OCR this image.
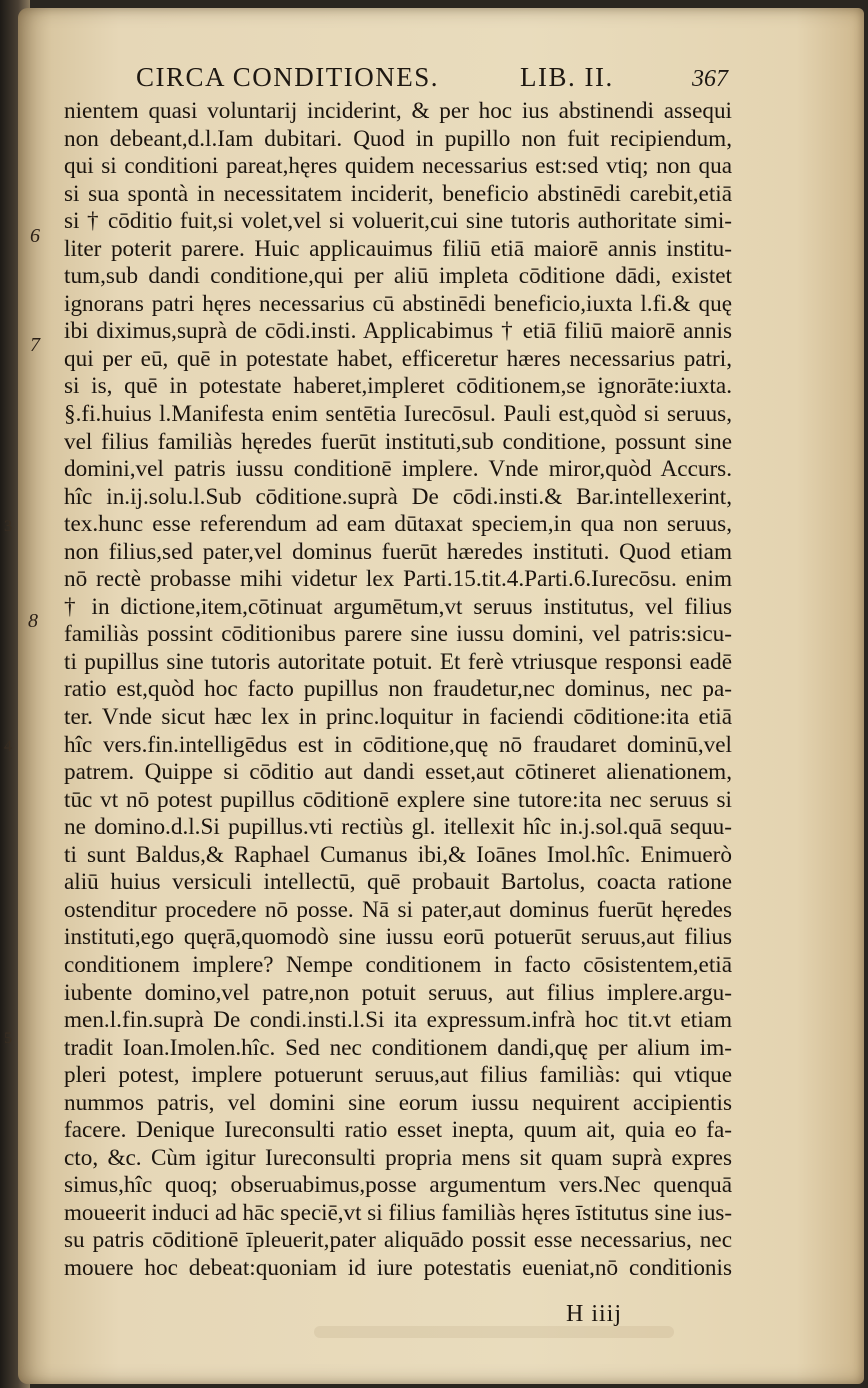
CIRCA CONDITIONES.	LIB. II.	367
6
7
8
3
4
5
nientem quasi voluntarij inciderint, & per hoc ius abstinendi assequi
non debeant,d.l.Iam dubitari. Quod in pupillo non fuit recipiendum,
qui si conditioni pareat,hęres quidem necessarius est:sed vtiq; non qua
si sua spontà in necessitatem inciderit, beneficio abstinēdi carebit,etiā
si † cōditio fuit,si volet,vel si voluerit,cui sine tutoris authoritate simi-
liter poterit parere. Huic applicauimus filiū etiā maiorē annis institu-
tum,sub dandi conditione,qui per aliū impleta cōditione dādi, existet
ignorans patri hęres necessarius cū abstinēdi beneficio,iuxta l.fi.& quę
ibi diximus,suprà de cōdi.insti. Applicabimus † etiā filiū maiorē annis
qui per eū, quē in potestate habet, efficeretur hæres necessarius patri,
si is, quē in potestate haberet,impleret cōditionem,se ignorāte:iuxta.
§.fi.huius l.Manifesta enim sentētia Iurecōsul. Pauli est,quòd si seruus,
vel filius familiàs hęredes fuerūt instituti,sub conditione, possunt sine
domini,vel patris iussu conditionē implere. Vnde miror,quòd Accurs.
hîc in.ij.solu.l.Sub cōditione.suprà De cōdi.insti.& Bar.intellexerint,
tex.hunc esse referendum ad eam dūtaxat speciem,in qua non seruus,
non filius,sed pater,vel dominus fuerūt hæredes instituti. Quod etiam
nō rectè probasse mihi videtur lex Parti.15.tit.4.Parti.6.Iurecōsu. enim
† in dictione,item,cōtinuat argumētum,vt seruus institutus, vel filius
familiàs possint cōditionibus parere sine iussu domini, vel patris:sicu-
ti pupillus sine tutoris autoritate potuit. Et ferè vtriusque responsi eadē
ratio est,quòd hoc facto pupillus non fraudetur,nec dominus, nec pa-
ter. Vnde sicut hæc lex in princ.loquitur in faciendi cōditione:ita etiā
hîc vers.fin.intelligēdus est in cōditione,quę nō fraudaret dominū,vel
patrem. Quippe si cōditio aut dandi esset,aut cōtineret alienationem,
tūc vt nō potest pupillus cōditionē explere sine tutore:ita nec seruus si
ne domino.d.l.Si pupillus.vti rectiùs gl. itellexit hîc in.j.sol.quā sequu-
ti sunt Baldus,& Raphael Cumanus ibi,& Ioānes Imol.hîc. Enimuerò
aliū huius versiculi intellectū, quē probauit Bartolus, coacta ratione
ostenditur procedere nō posse. Nā si pater,aut dominus fuerūt hęredes
instituti,ego quęrā,quomodò sine iussu eorū potuerūt seruus,aut filius
conditionem implere? Nempe conditionem in facto cōsistentem,etiā
iubente domino,vel patre,non potuit seruus, aut filius implere.argu-
men.l.fin.suprà De condi.insti.l.Si ita expressum.infrà hoc tit.vt etiam
tradit Ioan.Imolen.hîc. Sed nec conditionem dandi,quę per alium im-
pleri potest, implere potuerunt seruus,aut filius familiàs: qui vtique
nummos patris, vel domini sine eorum iussu nequirent accipientis
facere. Denique Iureconsulti ratio esset inepta, quum ait, quia eo fa-
cto, &c. Cùm igitur Iureconsulti propria mens sit quam suprà expres
simus,hîc quoq; obseruabimus,posse argumentum vers.Nec quenquā
moueerit induci ad hāc speciē,vt si filius familiàs hęres īstitutus sine ius-
su patris cōditionē īpleuerit,pater aliquādo possit esse necessarius, nec
mouere hoc debeat:quoniam id iure potestatis eueniat,nō conditionis
H iiij
